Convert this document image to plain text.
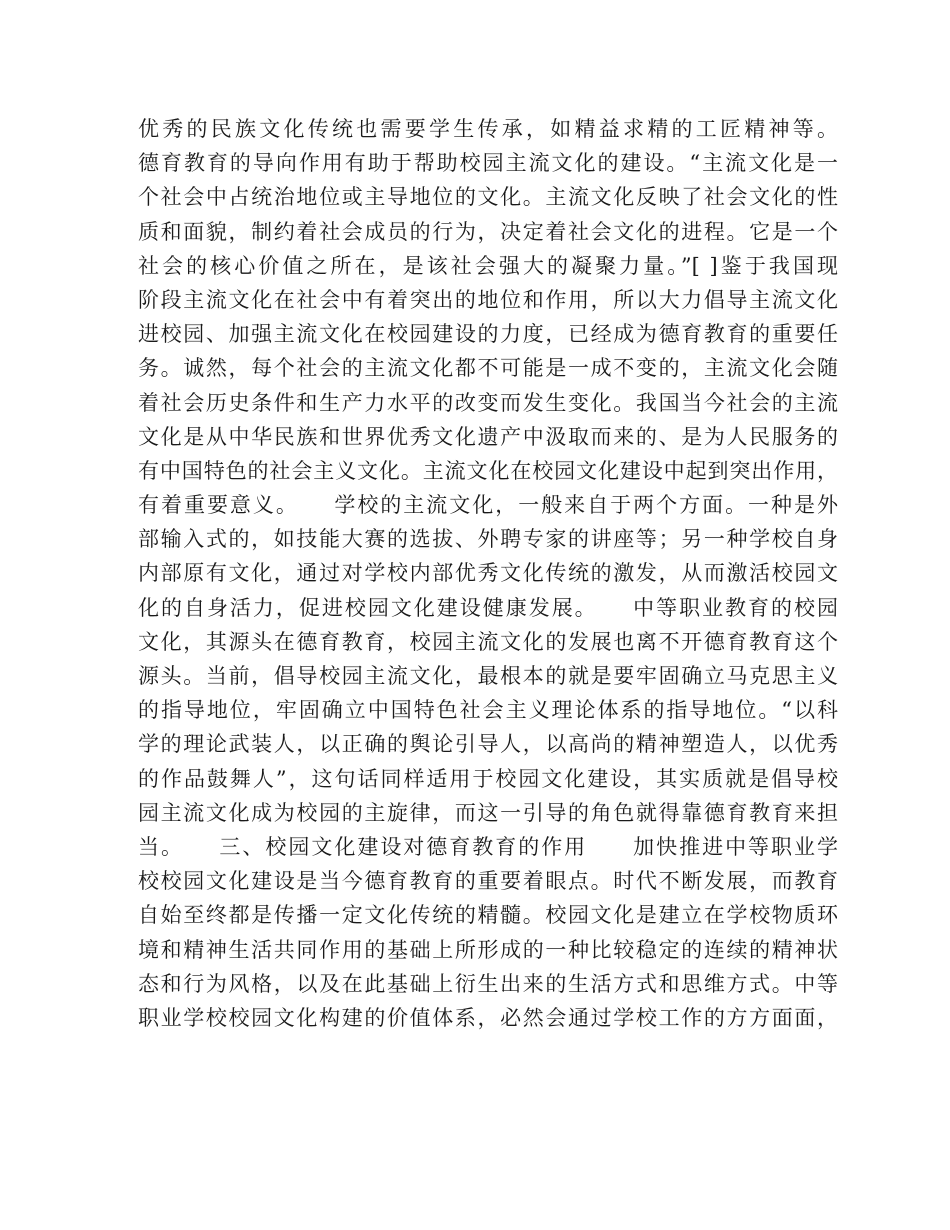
优秀的民族文化传统也需要学生传承，如精益求精的工匠精神等。
德育教育的导向作用有助于帮助校园主流文化的建设。“主流文化是一
个社会中占统治地位或主导地位的文化。主流文化反映了社会文化的性
质和面貌，制约着社会成员的行为，决定着社会文化的进程。它是一个
社会的核心价值之所在，是该社会强大的凝聚力量。”[ ]鉴于我国现
阶段主流文化在社会中有着突出的地位和作用，所以大力倡导主流文化
进校园、加强主流文化在校园建设的力度，已经成为德育教育的重要任
务。诚然，每个社会的主流文化都不可能是一成不变的，主流文化会随
着社会历史条件和生产力水平的改变而发生变化。我国当今社会的主流
文化是从中华民族和世界优秀文化遗产中汲取而来的、是为人民服务的
有中国特色的社会主义文化。主流文化在校园文化建设中起到突出作用，
有着重要意义。　　学校的主流文化，一般来自于两个方面。一种是外
部输入式的，如技能大赛的选拔、外聘专家的讲座等；另一种学校自身
内部原有文化，通过对学校内部优秀文化传统的激发，从而激活校园文
化的自身活力，促进校园文化建设健康发展。　　中等职业教育的校园
文化，其源头在德育教育，校园主流文化的发展也离不开德育教育这个
源头。当前，倡导校园主流文化，最根本的就是要牢固确立马克思主义
的指导地位，牢固确立中国特色社会主义理论体系的指导地位。“以科
学的理论武装人，以正确的舆论引导人，以高尚的精神塑造人，以优秀
的作品鼓舞人”，这句话同样适用于校园文化建设，其实质就是倡导校
园主流文化成为校园的主旋律，而这一引导的角色就得靠德育教育来担
当。　　三、校园文化建设对德育教育的作用　　加快推进中等职业学
校校园文化建设是当今德育教育的重要着眼点。时代不断发展，而教育
自始至终都是传播一定文化传统的精髓。校园文化是建立在学校物质环
境和精神生活共同作用的基础上所形成的一种比较稳定的连续的精神状
态和行为风格，以及在此基础上衍生出来的生活方式和思维方式。中等
职业学校校园文化构建的价值体系，必然会通过学校工作的方方面面，
